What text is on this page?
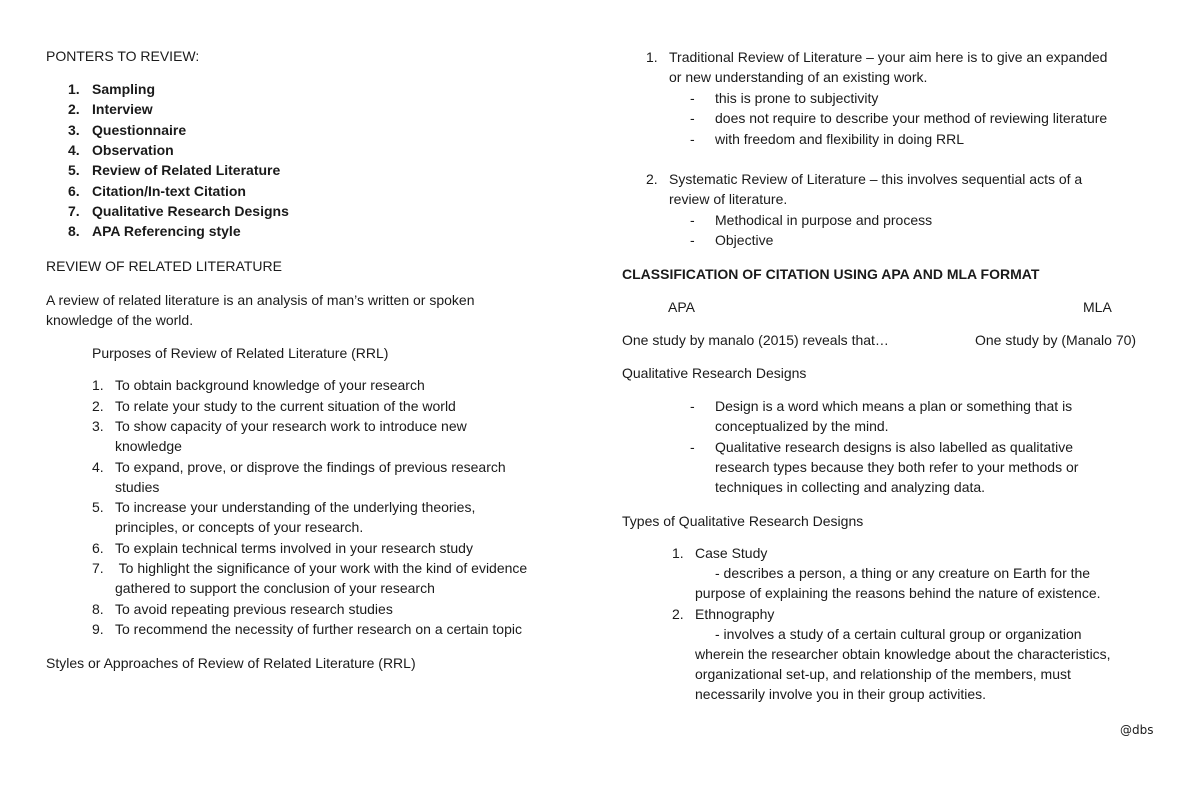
PONTERS TO REVIEW:
1. Sampling
2. Interview
3. Questionnaire
4. Observation
5. Review of Related Literature
6. Citation/In-text Citation
7. Qualitative Research Designs
8. APA Referencing style
REVIEW OF RELATED LITERATURE
A review of related literature is an analysis of man’s written or spoken
knowledge of the world.
Purposes of Review of Related Literature (RRL)
1. To obtain background knowledge of your research
2. To relate your study to the current situation of the world
3. To show capacity of your research work to introduce new
knowledge
4. To expand, prove, or disprove the findings of previous research
studies
5. To increase your understanding of the underlying theories,
principles, or concepts of your research.
6. To explain technical terms involved in your research study
7. To highlight the significance of your work with the kind of evidence
gathered to support the conclusion of your research
8. To avoid repeating previous research studies
9. To recommend the necessity of further research on a certain topic
Styles or Approaches of Review of Related Literature (RRL)
1. Traditional Review of Literature – your aim here is to give an expanded
or new understanding of an existing work.
- this is prone to subjectivity
- does not require to describe your method of reviewing literature
- with freedom and flexibility in doing RRL
2. Systematic Review of Literature – this involves sequential acts of a
review of literature.
- Methodical in purpose and process
- Objective
CLASSIFICATION OF CITATION USING APA AND MLA FORMAT
APA	MLA
One study by manalo (2015) reveals that…	One study by (Manalo 70)
Qualitative Research Designs
- Design is a word which means a plan or something that is
conceptualized by the mind.
- Qualitative research designs is also labelled as qualitative
research types because they both refer to your methods or
techniques in collecting and analyzing data.
Types of Qualitative Research Designs
1. Case Study
- describes a person, a thing or any creature on Earth for the
purpose of explaining the reasons behind the nature of existence.
2. Ethnography
- involves a study of a certain cultural group or organization
wherein the researcher obtain knowledge about the characteristics,
organizational set-up, and relationship of the members, must
necessarily involve you in their group activities.
@dbs
